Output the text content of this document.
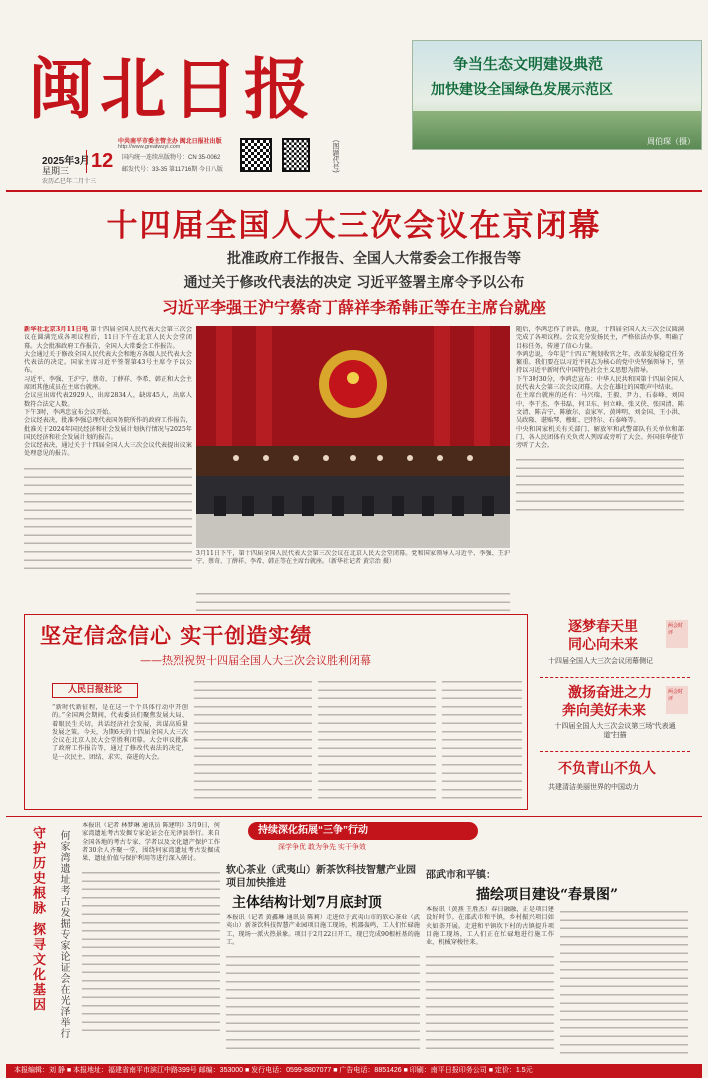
闽北日报
中共南平市委主管主办 闽北日报社出版
http://www.greatwuyi.com
2025年3月
星期三 12
农历乙巳年二月十三
国内统一连续出版物号：CN 35-0062
邮发代号：33-35 第11716期 今日八版	(图题代号)
争当生态文明建设典范
加快建设全国绿色发展示范区
周伯琛（摄）
十四届全国人大三次会议在京闭幕
批准政府工作报告、全国人大常委会工作报告等
通过关于修改代表法的决定 习近平签署主席令予以公布
习近平李强王沪宁蔡奇丁薛祥李希韩正等在主席台就座
新华社北京3月11日电 第十四届全国人民代表大会第三次会议在圆满完成各项议程后，11日下午在北京人民大会堂闭幕。大会批准政府工作报告，全国人大常委会工作报告。
大会通过关于修改全国人民代表大会和地方各级人民代表大会代表法的决定。国家主席习近平签署第43号主席令予以公布。
习近平、李强、王沪宁、蔡奇、丁薛祥、李希、韩正和大会主席团其他成员在主席台就座。
会议应出席代表2929人，出席2834人，缺席45人，出席人数符合法定人数。
下午3时，李鸿忠宣布会议开始。
会议经表决，批准李强总理代表国务院所作的政府工作报告，批准关于2024年国民经济和社会发展计划执行情况与2025年国民经济和社会发展计划的报告。
会议经表决，通过关于十四届全国人大三次会议代表提出议案处理意见的报告。
3月11日下午，第十四届全国人民代表大会第三次会议在北京人民大会堂闭幕。党和国家领导人习近平、李强、王沪宁、蔡奇、丁薛祥、李希、韩正等在主席台就座。（新华社记者 黄宗治 摄）
随后，李鸿忠作了讲话。他说，十四届全国人大三次会议圆满完成了各项议程。会议充分发扬民主，严格依法办事，明确了目标任务，传递了信心力量。
李鸿忠说，今年是“十四五”规划收官之年，改革发展稳定任务繁重。我们要在以习近平同志为核心的党中央坚强领导下，坚持以习近平新时代中国特色社会主义思想为指导。
下午3时30分，李鸿忠宣布：中华人民共和国第十四届全国人民代表大会第三次会议闭幕。大会在雄壮的国歌声中结束。
在主席台就座的还有：马兴瑞、王毅、尹力、石泰峰、刘国中、李干杰、李书磊、何卫东、何立峰、张又侠、张国清、陈文清、陈吉宁、陈敏尔、袁家军、黄坤明、刘金国、王小洪、吴政隆、谌贻琴、穆虹、巴特尔、石泰峰等。
中央和国家机关有关部门、解放军和武警部队有关单位和部门、各人民团体有关负责人列席或旁听了大会。外国驻华使节旁听了大会。
坚定信念信心 实干创造实绩
——热烈祝贺十四届全国人大三次会议胜利闭幕
人民日报社论
“新时代新征程，是在这一个个具体行动中开创的。”全国两会期间，代表委员们聚焦发展大局、着眼民生关切，共话经济社会发展，共谋高质量发展之策。今天，为期6天的十四届全国人大三次会议在北京人民大会堂胜利闭幕。大会审议批准了政府工作报告等，通过了修改代表法的决定，是一次民主、团结、求实、奋进的大会。
逐梦春天里
同心向未来
十四届全国人大三次会议闭幕侧记
两会时评
激扬奋进之力
奔向美好未来
十四届全国人大三次会议第三场“代表通道”扫描
两会时评
不负青山不负人
共建清洁美丽世界的中国动力
守护历史根脉 探寻文化基因 何家湾遗址考古发掘专家论证会在光泽举行
本报讯（记者 林梦琳 通讯员 陈建明）3月9日，何家湾遗址考古发掘专家论证会在光泽县举行。来自全国各地的考古专家、学者以及文化遗产保护工作者30余人齐聚一堂，围绕何家湾遗址考古发掘成果、遗址价值与保护利用等进行深入研讨。
持续深化拓展“三争”行动
深学争优 敢为争先 实干争效
软心茶业（武夷山）新茶饮科技智慧产业园项目加快推进
主体结构计划7月底封顶
本报讯（记者 黄鑫琳 通讯员 陈莉）走进位于武夷山市的软心茶业（武夷山）新茶饮科技智慧产业园项目施工现场，机器轰鸣，工人们忙碌施工，现场一派火热景象。项目于2月22日开工，现已完成90根桩基的施工。
邵武市和平镇：
描绘项目建设“春景图”
本报讯（黄燕 王胜杰）春日融融，正是项目建设好时节。在邵武市和平镇，乡村振兴项目如火如荼开展。走进和平镇坎下村的古镇提升项目施工现场，工人们正在忙碌地进行施工作业，机械穿梭往来。
本报编辑：刘 静 ■ 本报地址：福建省南平市滨江中路399号 邮编：353000 ■ 发行电话：0599-8807077 ■ 广告电话：8851426 ■ 印刷：南平日报印务公司 ■ 定价：1.5元
